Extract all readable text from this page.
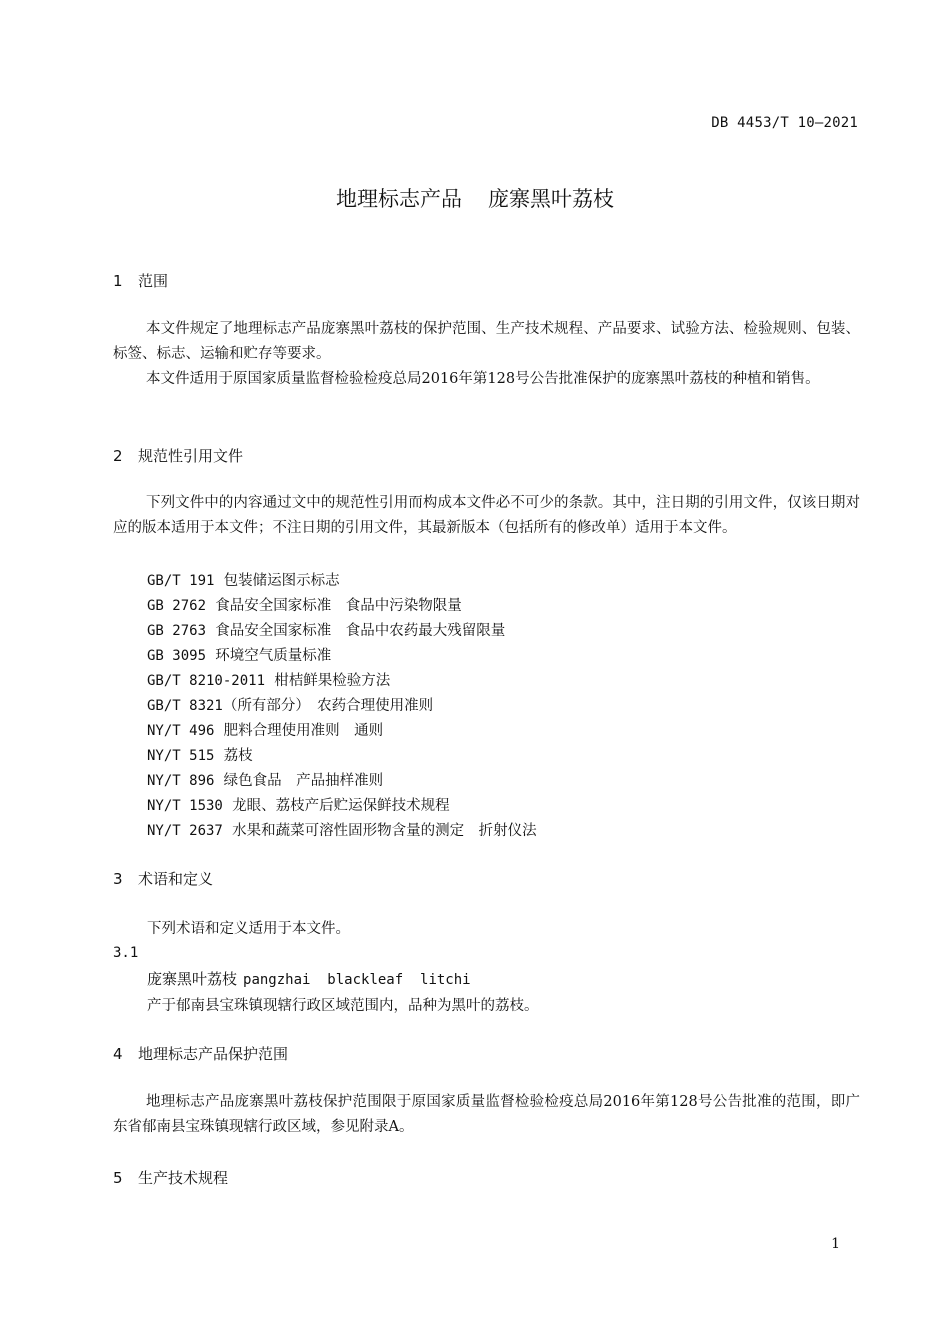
DB 4453/T 10—2021
地理标志产品 庞寨黑叶荔枝
1 范围

本文件规定了地理标志产品庞寨黑叶荔枝的保护范围、生产技术规程、产品要求、试验方法、检验规则、包装、标签、标志、运输和贮存等要求。

本文件适用于原国家质量监督检验检疫总局2016年第128号公告批准保护的庞寨黑叶荔枝的种植和销售。

2 规范性引用文件

下列文件中的内容通过文中的规范性引用而构成本文件必不可少的条款。其中，注日期的引用文件，仅该日期对应的版本适用于本文件；不注日期的引用文件，其最新版本（包括所有的修改单）适用于本文件。

GB/T 191 包装储运图示标志
GB 2762 食品安全国家标准　食品中污染物限量
GB 2763 食品安全国家标准　食品中农药最大残留限量
GB 3095 环境空气质量标准
GB/T 8210-2011 柑桔鲜果检验方法
GB/T 8321（所有部分）　农药合理使用准则
NY/T 496 肥料合理使用准则　通则
NY/T 515 荔枝
NY/T 896 绿色食品　产品抽样准则
NY/T 1530 龙眼、荔枝产后贮运保鲜技术规程
NY/T 2637 水果和蔬菜可溶性固形物含量的测定　折射仪法
3 术语和定义
下列术语和定义适用于本文件。
3.1
庞寨黑叶荔枝 pangzhai  blackleaf  litchi
产于郁南县宝珠镇现辖行政区域范围内，品种为黑叶的荔枝。
4 地理标志产品保护范围

地理标志产品庞寨黑叶荔枝保护范围限于原国家质量监督检验检疫总局2016年第128号公告批准的范围，即广东省郁南县宝珠镇现辖行政区域，参见附录A。

5 生产技术规程
1
